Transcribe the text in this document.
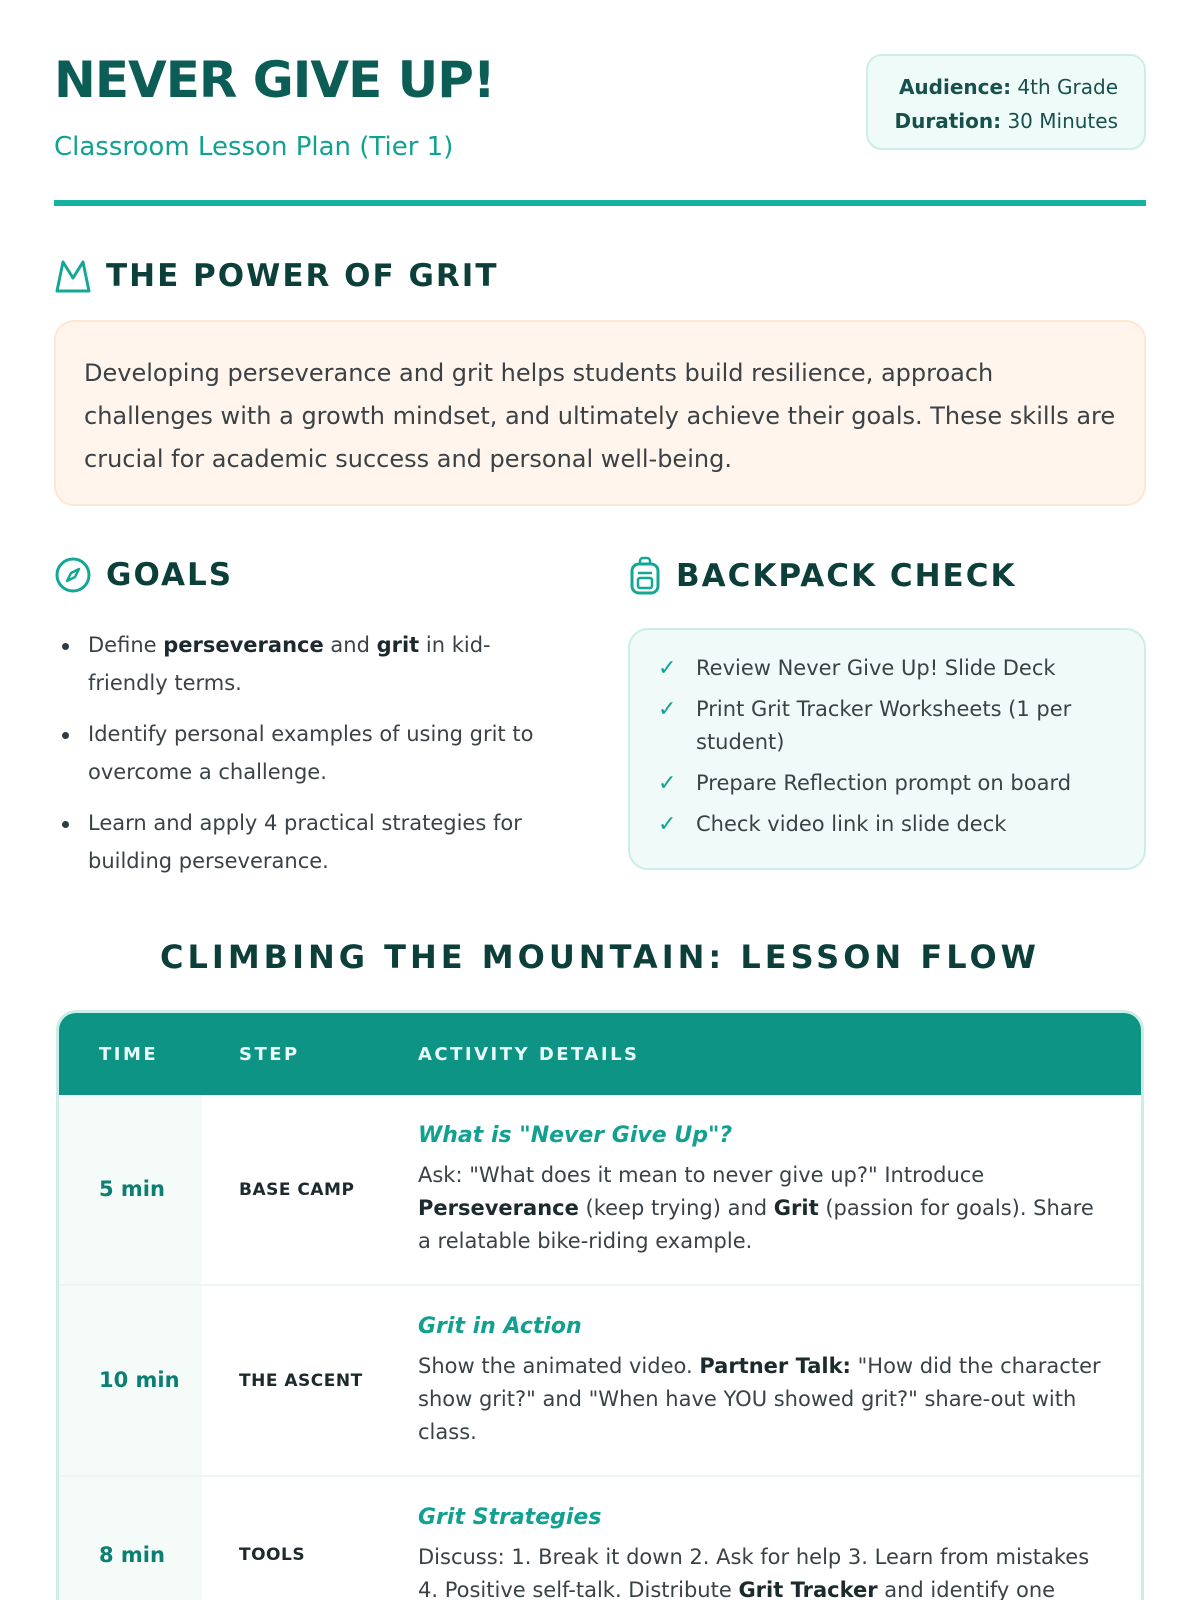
NEVER GIVE UP!
Classroom Lesson Plan (Tier 1)
Audience: 4th Grade
Duration: 30 Minutes
THE POWER OF GRIT
Developing perseverance and grit helps students build resilience, approach challenges with a growth mindset, and ultimately achieve their goals. These skills are crucial for academic success and personal well-being.
GOALS
Define perseverance and grit in kid-friendly terms.
Identify personal examples of using grit to overcome a challenge.
Learn and apply 4 practical strategies for building perseverance.
BACKPACK CHECK
✓ Review Never Give Up! Slide Deck
✓ Print Grit Tracker Worksheets (1 per student)
✓ Prepare Reflection prompt on board
✓ Check video link in slide deck
CLIMBING THE MOUNTAIN: LESSON FLOW
TIME	STEP	ACTIVITY DETAILS
5 min	BASE CAMP
What is "Never Give Up"?
Ask: "What does it mean to never give up?" Introduce Perseverance (keep trying) and Grit (passion for goals). Share a relatable bike-riding example.
10 min	THE ASCENT
Grit in Action
Show the animated video. Partner Talk: "How did the character show grit?" and "When have YOU showed grit?" share-out with class.
8 min	TOOLS
Grit Strategies
Discuss: 1. Break it down 2. Ask for help 3. Learn from mistakes 4. Positive self-talk. Distribute Grit Tracker and identify one
